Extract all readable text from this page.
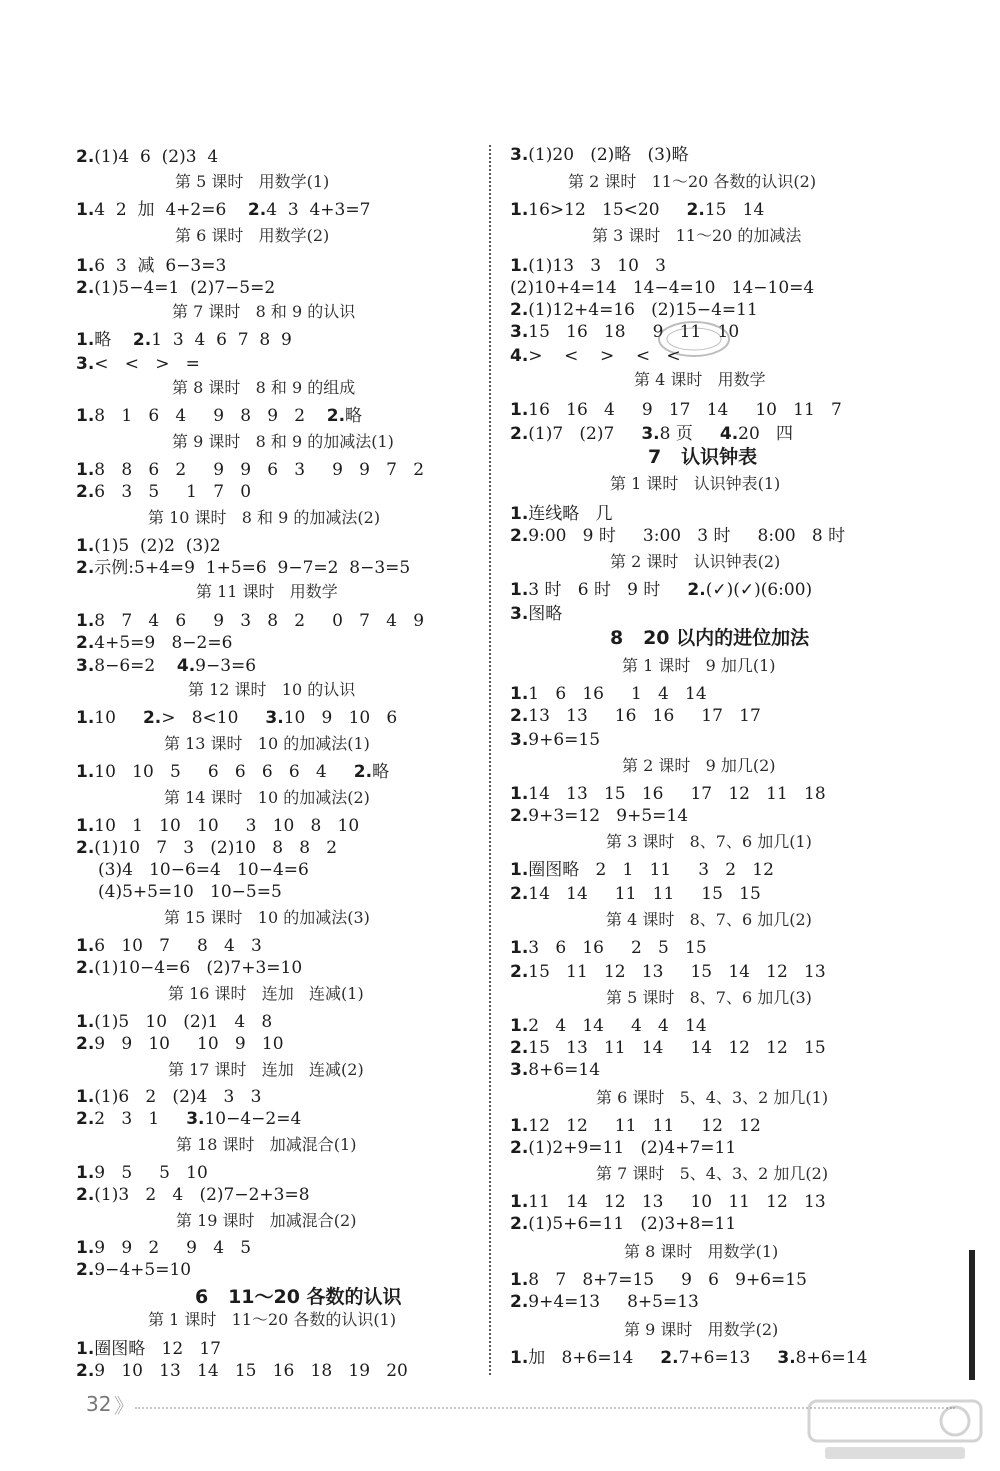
2.(1)4  6  (2)3  4
第 5 课时   用数学(1)
1.4  2  加  4+2=6    2.4  3  4+3=7
第 6 课时   用数学(2)
1.6  3  减  6−3=3
2.(1)5−4=1  (2)7−5=2
第 7 课时   8 和 9 的认识
1.略    2.1  3  4  6  7  8  9
3.<   <   >   =
第 8 课时   8 和 9 的组成
1.8   1   6   4     9   8   9   2    2.略
第 9 课时   8 和 9 的加减法(1)
1.8   8   6   2     9   9   6   3     9   9   7   2
2.6   3   5     1   7   0
第 10 课时   8 和 9 的加减法(2)
1.(1)5  (2)2  (3)2
2.示例:5+4=9  1+5=6  9−7=2  8−3=5
第 11 课时   用数学
1.8   7   4   6     9   3   8   2     0   7   4   9
2.4+5=9   8−2=6
3.8−6=2    4.9−3=6
第 12 课时   10 的认识
1.10     2.>   8<10     3.10   9   10   6
第 13 课时   10 的加减法(1)
1.10   10   5     6   6   6   6   4     2.略
第 14 课时   10 的加减法(2)
1.10   1   10   10     3   10   8   10
2.(1)10   7   3   (2)10   8   8   2
(3)4   10−6=4   10−4=6
(4)5+5=10   10−5=5
第 15 课时   10 的加减法(3)
1.6   10   7     8   4   3
2.(1)10−4=6   (2)7+3=10
第 16 课时   连加   连减(1)
1.(1)5   10   (2)1   4   8
2.9   9   10     10   9   10
第 17 课时   连加   连减(2)
1.(1)6   2   (2)4   3   3
2.2   3   1     3.10−4−2=4
第 18 课时   加减混合(1)
1.9   5     5   10
2.(1)3   2   4   (2)7−2+3=8
第 19 课时   加减混合(2)
1.9   9   2     9   4   5
2.9−4+5=10
6   11～20 各数的认识
第 1 课时   11～20 各数的认识(1)
1.圈图略   12   17
2.9   10   13   14   15   16   18   19   20
3.(1)20   (2)略   (3)略
第 2 课时   11～20 各数的认识(2)
1.16>12   15<20     2.15   14
第 3 课时   11～20 的加减法
1.(1)13   3   10   3
(2)10+4=14   14−4=10   14−10=4
2.(1)12+4=16   (2)15−4=11
3.15   16   18     9   11   10
4.>    <    >    <   <
第 4 课时   用数学
1.16   16   4     9   17   14     10   11   7
2.(1)7   (2)7     3.8 页     4.20   四
7   认识钟表
第 1 课时   认识钟表(1)
1.连线略   几
2.9:00   9 时     3:00   3 时     8:00   8 时
第 2 课时   认识钟表(2)
1.3 时   6 时   9 时     2.(✓)(✓)(6:00)
3.图略
8   20 以内的进位加法
第 1 课时   9 加几(1)
1.1   6   16     1   4   14
2.13   13     16   16     17   17
3.9+6=15
第 2 课时   9 加几(2)
1.14   13   15   16     17   12   11   18
2.9+3=12   9+5=14
第 3 课时   8、7、6 加几(1)
1.圈图略   2   1   11     3   2   12
2.14   14     11   11     15   15
第 4 课时   8、7、6 加几(2)
1.3   6   16     2   5   15
2.15   11   12   13     15   14   12   13
第 5 课时   8、7、6 加几(3)
1.2   4   14     4   4   14
2.15   13   11   14     14   12   12   15
3.8+6=14
第 6 课时   5、4、3、2 加几(1)
1.12   12     11   11     12   12
2.(1)2+9=11   (2)4+7=11
第 7 课时   5、4、3、2 加几(2)
1.11   14   12   13     10   11   12   13
2.(1)5+6=11   (2)3+8=11
第 8 课时   用数学(1)
1.8   7   8+7=15     9   6   9+6=15
2.9+4=13     8+5=13
第 9 课时   用数学(2)
1.加   8+6=14     2.7+6=13     3.8+6=14
32 》
